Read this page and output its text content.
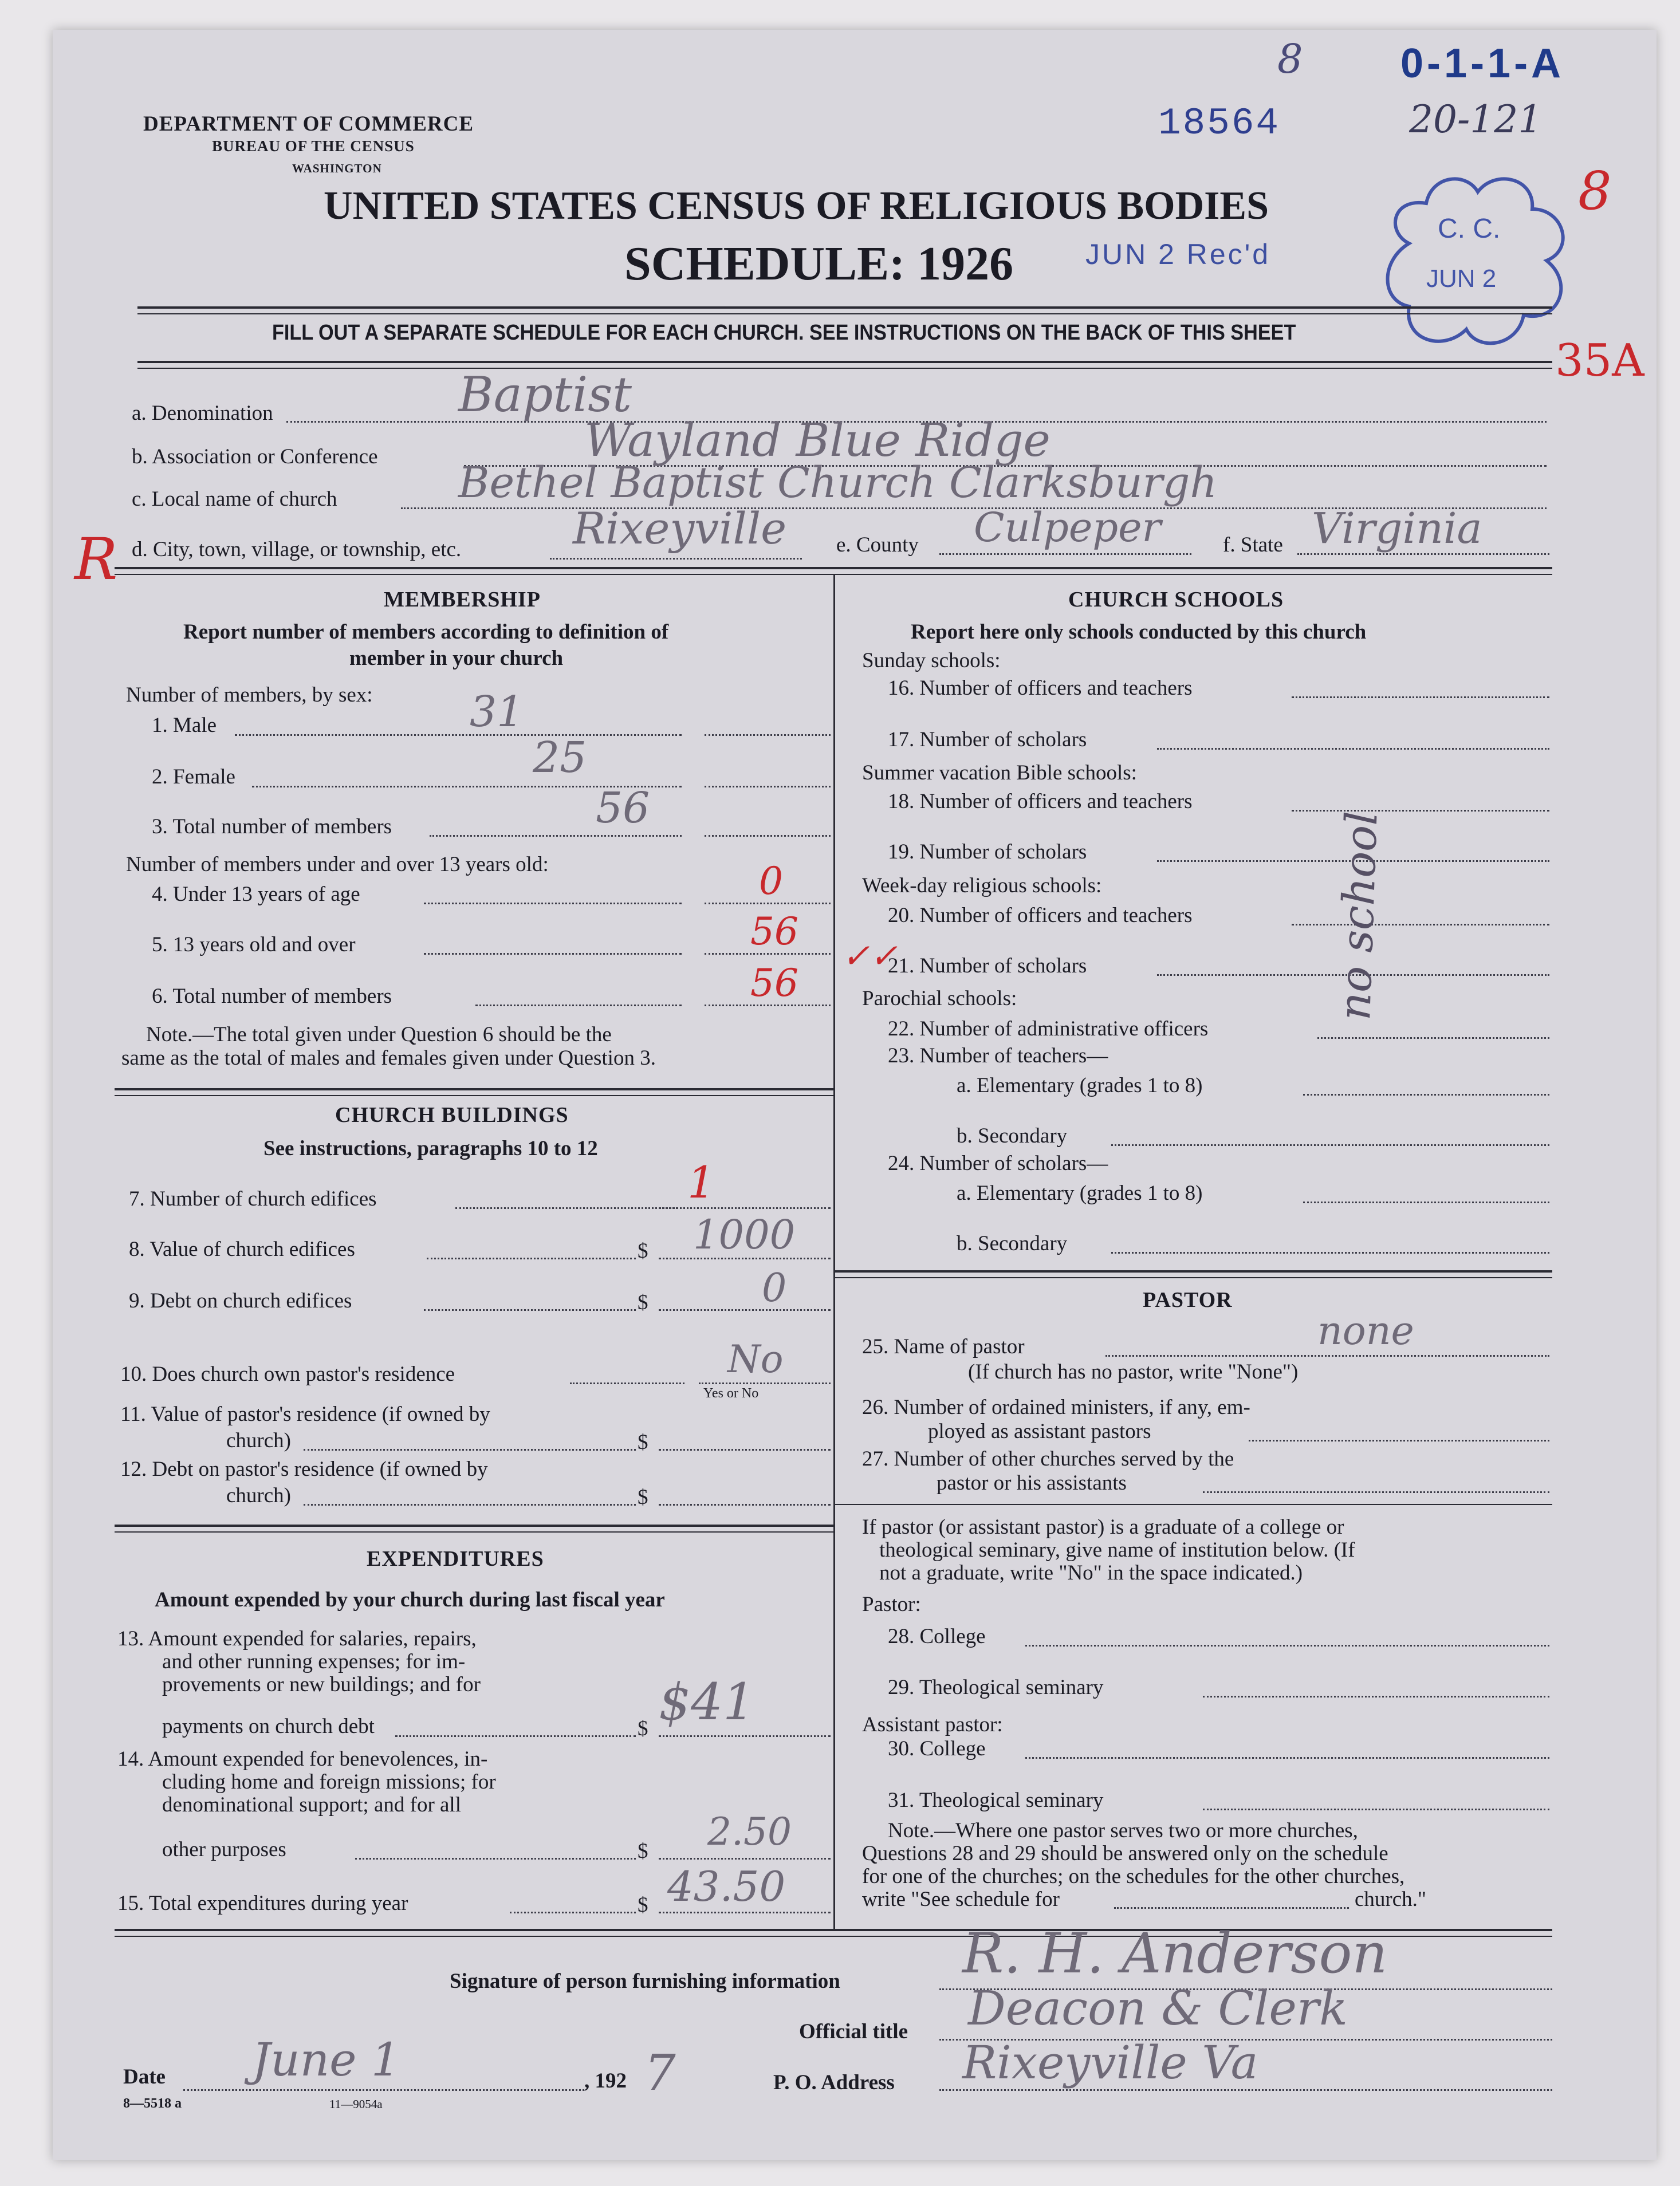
8 0-1-1-A
20-121
18564
JUN 2 Rec'd
8
35A
R
C. C.
JUN 2
DEPARTMENT OF COMMERCE
BUREAU OF THE CENSUS
WASHINGTON
UNITED STATES CENSUS OF RELIGIOUS BODIES
SCHEDULE: 1926
FILL OUT A SEPARATE SCHEDULE FOR EACH CHURCH. SEE INSTRUCTIONS ON THE BACK OF THIS SHEET
a. Denomination	Baptist
b. Association or Conference	Wayland Blue Ridge
c. Local name of church	Bethel Baptist Church Clarksburgh
d. City, town, village, or township, etc.	Rixeyville e. County Culpeper	f. State Virginia
MEMBERSHIP
Report number of members according to definition of
member in your church
Number of members, by sex:
1. Male	31
2. Female	25
3. Total number of members	56
Number of members under and over 13 years old:
4. Under 13 years of age	0
5. 13 years old and over	56
6. Total number of members	56
Note.—The total given under Question 6 should be the
same as the total of males and females given under Question 3.
CHURCH BUILDINGS
See instructions, paragraphs 10 to 12
7. Number of church edifices	1
8. Value of church edifices	$ 1000
9. Debt on church edifices	$	0
10. Does church own pastor's residence	No
Yes or No
11. Value of pastor's residence (if owned by
church)	$
12. Debt on pastor's residence (if owned by
church)	$
EXPENDITURES
Amount expended by your church during last fiscal year
13. Amount expended for salaries, repairs,
and other running expenses; for im-
provements or new buildings; and for
payments on church debt	$ $41
14. Amount expended for benevolences, in-
cluding home and foreign missions; for
denominational support; and for all
other purposes	$ 2.50
15. Total expenditures during year	$ 43.50
CHURCH SCHOOLS
Report here only schools conducted by this church
Sunday schools:
16. Number of officers and teachers
17. Number of scholars
Summer vacation Bible schools:
18. Number of officers and teachers
19. Number of scholars
Week-day religious schools:
20. Number of officers and teachers
21. Number of scholars
✓✓
Parochial schools:
22. Number of administrative officers
23. Number of teachers—
a. Elementary (grades 1 to 8)
b. Secondary
24. Number of scholars—
a. Elementary (grades 1 to 8)
b. Secondary
no school
PASTOR
25. Name of pastor	none
(If church has no pastor, write "None")
26. Number of ordained ministers, if any, em-
ployed as assistant pastors
27. Number of other churches served by the
pastor or his assistants
If pastor (or assistant pastor) is a graduate of a college or
theological seminary, give name of institution below. (If
not a graduate, write "No" in the space indicated.)
Pastor:
28. College
29. Theological seminary
Assistant pastor:
30. College
31. Theological seminary
Note.—Where one pastor serves two or more churches,
Questions 28 and 29 should be answered only on the schedule
for one of the churches; on the schedules for the other churches,
write "See schedule for	church."
Signature of person furnishing information R. H. Anderson
Official title Deacon & Clerk
Date June 1	, 192 7
8—5518 a	11—9054a
P. O. Address Rixeyville Va
